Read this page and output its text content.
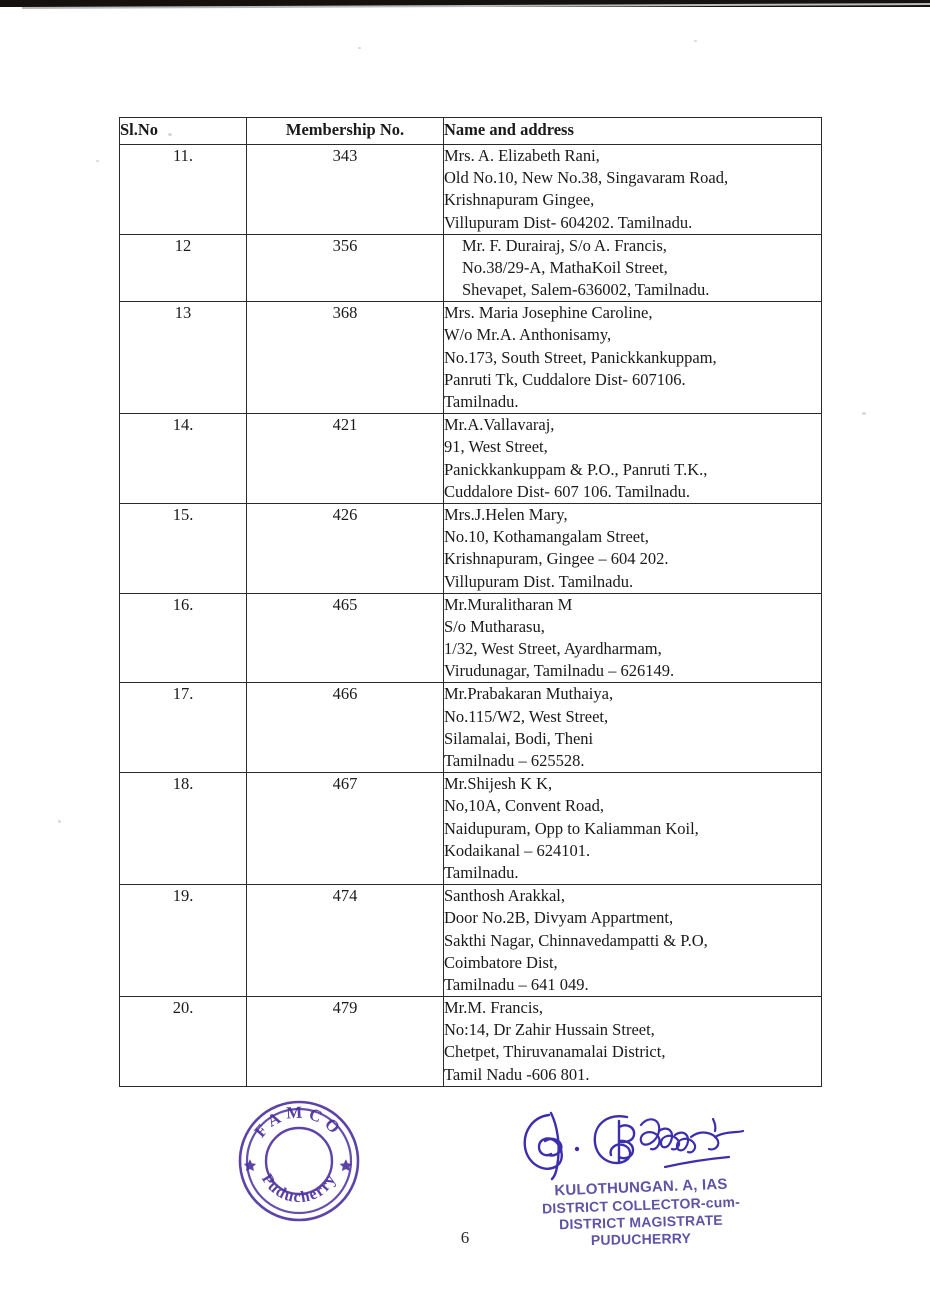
Sl.No	Membership No.	Name and address
11.	343	Mrs. A. Elizabeth Rani,
Old No.10, New No.38, Singavaram Road,
Krishnapuram Gingee,
Villupuram Dist- 604202. Tamilnadu.

12	356	Mr. F. Durairaj, S/o A. Francis,
No.38/29-A, MathaKoil Street,
Shevapet, Salem-636002, Tamilnadu.

13	368	Mrs. Maria Josephine Caroline,
W/o Mr.A. Anthonisamy,
No.173, South Street, Panickkankuppam,
Panruti Tk, Cuddalore Dist- 607106.
Tamilnadu.

14.	421	Mr.A.Vallavaraj,
91, West Street,
Panickkankuppam & P.O., Panruti T.K.,
Cuddalore Dist- 607 106. Tamilnadu.

15.	426	Mrs.J.Helen Mary,
No.10, Kothamangalam Street,
Krishnapuram, Gingee – 604 202.
Villupuram Dist. Tamilnadu.

16.	465	Mr.Muralitharan M
S/o Mutharasu,
1/32, West Street, Ayardharmam,
Virudunagar, Tamilnadu – 626149.

17.	466	Mr.Prabakaran Muthaiya,
No.115/W2, West Street,
Silamalai, Bodi, Theni
Tamilnadu – 625528.

18.	467	Mr.Shijesh K K,
No,10A, Convent Road,
Naidupuram, Opp to Kaliamman Koil,
Kodaikanal – 624101.
Tamilnadu.

19.	474	Santhosh Arakkal,
Door No.2B, Divyam Appartment,
Sakthi Nagar, Chinnavedampatti & P.O,
Coimbatore Dist,
Tamilnadu – 641 049.

20.	479	Mr.M. Francis,
No:14, Dr Zahir Hussain Street,
Chetpet, Thiruvanamalai District,
Tamil Nadu -606 801.
FAMCO
Puducherry	KULOTHUNGAN. A, IAS
DISTRICT COLLECTOR-cum-
DISTRICT MAGISTRATE
PUDUCHERRY
6
